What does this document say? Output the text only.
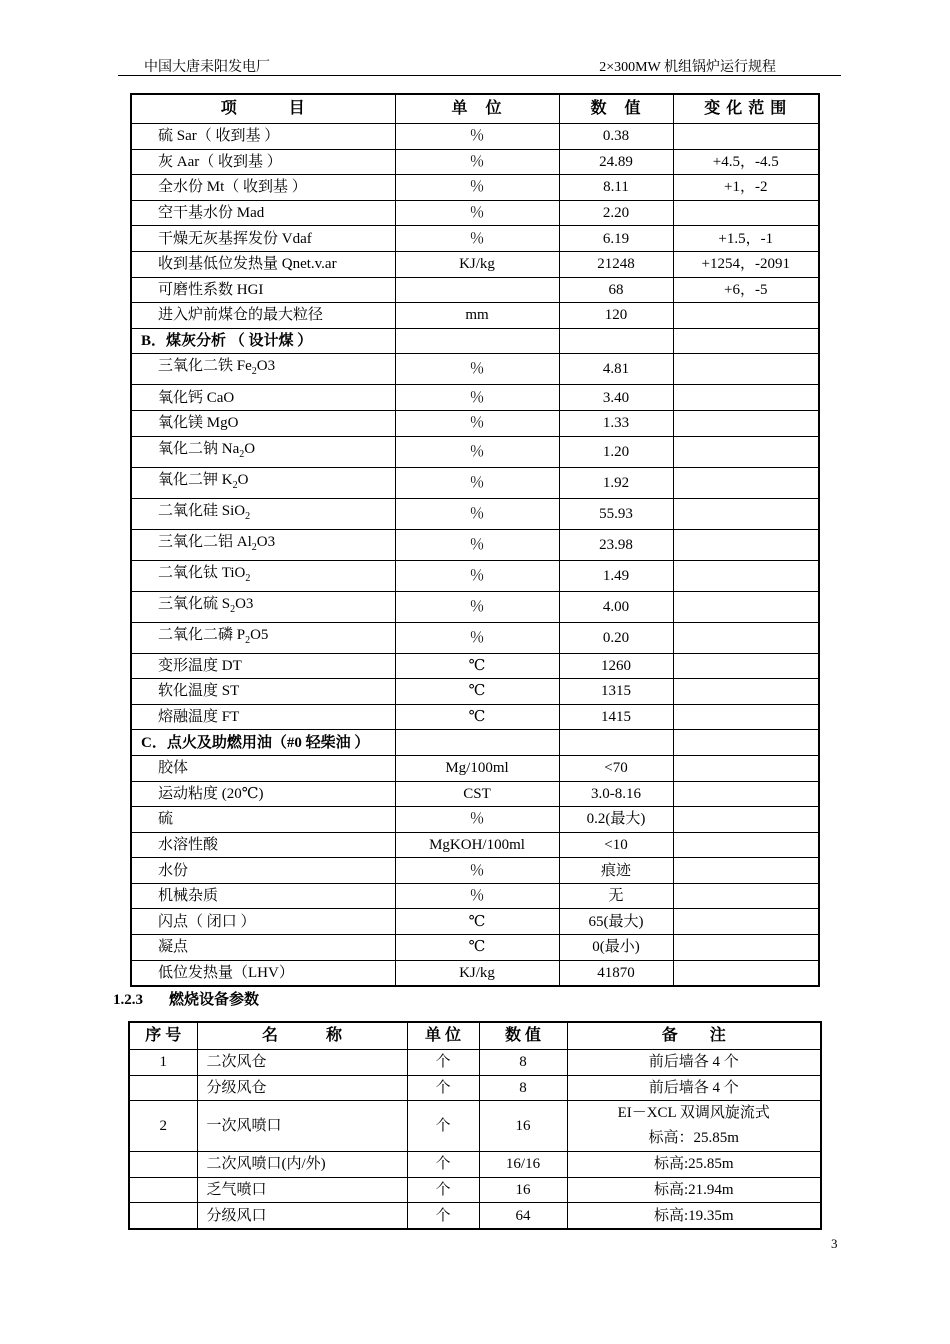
中国大唐耒阳发电厂	2×300MW 机组锅炉运行规程
项　　　目	单　位	数　值	变 化 范 围
硫 Sar（ 收到基 ）	％	0.38	
灰 Aar（ 收到基 ）	％	24.89	+4.5，-4.5
全水份 Mt（ 收到基 ）	％	8.11	+1，-2
空干基水份 Mad	％	2.20	
干燥无灰基挥发份 Vdaf	％	6.19	+1.5，-1
收到基低位发热量 Qnet.v.ar	KJ/kg	21248	+1254，-2091
可磨性系数 HGI		68	+6，-5
进入炉前煤仓的最大粒径	mm	120	
B．煤灰分析 （ 设计煤 ）			
三氧化二铁 $Fe_2O3$	％	4.81	
氧化钙 CaO	％	3.40	
氧化镁 MgO	％	1.33	
氧化二钠 $Na_2O$	％	1.20	
氧化二钾 $K_2O$	％	1.92	
二氧化硅 SiO$_2$	％	55.93	
三氧化二铝 $Al_2O3$	％	23.98	
二氧化钛 TiO$_2$	％	1.49	
三氧化硫 $S_2O3$	％	4.00	
二氧化二磷 $P_2O5$	％	0.20	
变形温度 DT	℃	1260	
软化温度 ST	℃	1315	
熔融温度 FT	℃	1415	
C．点火及助燃用油（#0 轻柴油 ）			
胶体	Mg/100ml	<70	
运动粘度 (20℃)	CST	3.0-8.16	
硫	％	0.2(最大)	
水溶性酸	MgKOH/100ml	<10	
水份	％	痕迹	
机械杂质	％	无	
闪点（ 闭口 ）	℃	65(最大)	
凝点	℃	0(最小)	
低位发热量（LHV）	KJ/kg	41870	
1.2.3 燃烧设备参数
序 号	名　　　称	单 位	数 值	备　　注
1	二次风仓	个	8	前后墙各 4 个

	分级风仓	个	8	前后墙各 4 个

2	一次风喷口	个	16	EI－XCL 双调风旋流式
标高：25.85m

	二次风喷口(内/外)	个	16/16	标高:25.85m

	乏气喷口	个	16	标高:21.94m

	分级风口	个	64	标高:19.35m
3
